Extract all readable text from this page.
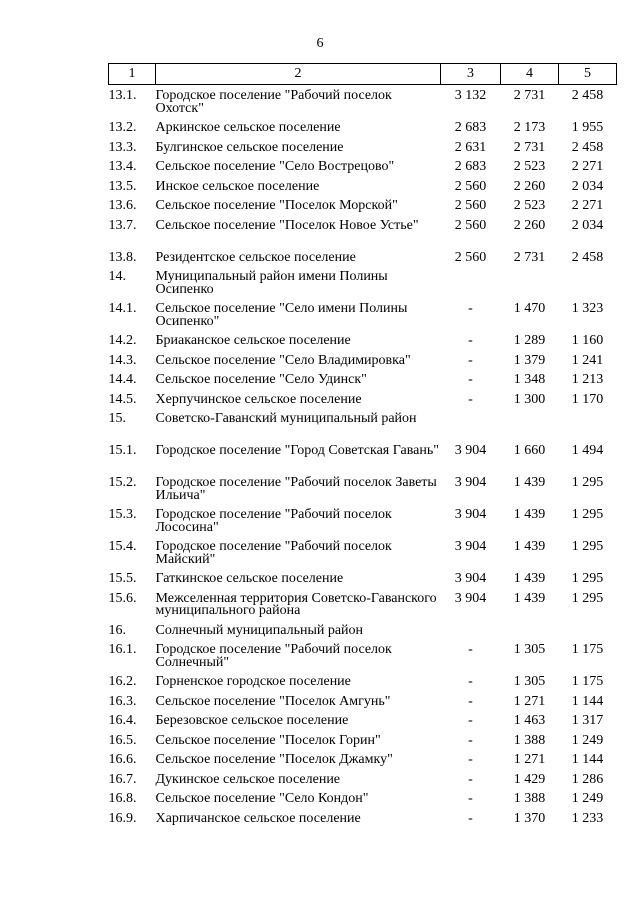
6
1	2	3	4	5
13.1.	Городское поселение "Рабочий поселок Охотск"	3 132	2 731	2 458
13.2.	Аркинское сельское поселение	2 683	2 173	1 955
13.3.	Булгинское сельское поселение	2 631	2 731	2 458
13.4.	Сельское поселение "Село Вострецово"	2 683	2 523	2 271
13.5.	Инское сельское поселение	2 560	2 260	2 034
13.6.	Сельское поселение "Поселок Морской"	2 560	2 523	2 271
13.7.	Сельское поселение "Поселок Новое Устье"	2 560	2 260	2 034
13.8.	Резидентское сельское поселение	2 560	2 731	2 458
14.	Муниципальный район имени Полины Осипенко			
14.1.	Сельское поселение "Село имени Полины Осипенко"	-	1 470	1 323
14.2.	Бриаканское сельское поселение	-	1 289	1 160
14.3.	Сельское поселение "Село Владимировка"	-	1 379	1 241
14.4.	Сельское поселение "Село Удинск"	-	1 348	1 213
14.5.	Херпучинское сельское поселение	-	1 300	1 170
15.	Советско-Гаванский муниципальный район			
15.1.	Городское поселение "Город Советская Гавань"	3 904	1 660	1 494
15.2.	Городское поселение "Рабочий поселок Заветы Ильича"	3 904	1 439	1 295
15.3.	Городское поселение "Рабочий поселок Лососина"	3 904	1 439	1 295
15.4.	Городское поселение "Рабочий поселок Майский"	3 904	1 439	1 295
15.5.	Гаткинское сельское поселение	3 904	1 439	1 295
15.6.	Межселенная территория Советско-Гаванского муниципального района	3 904	1 439	1 295
16.	Солнечный муниципальный район			
16.1.	Городское поселение "Рабочий поселок Солнечный"	-	1 305	1 175
16.2.	Горненское городское поселение	-	1 305	1 175
16.3.	Сельское поселение "Поселок Амгунь"	-	1 271	1 144
16.4.	Березовское сельское поселение	-	1 463	1 317
16.5.	Сельское поселение "Поселок Горин"	-	1 388	1 249
16.6.	Сельское поселение "Поселок Джамку"	-	1 271	1 144
16.7.	Дукинское сельское поселение	-	1 429	1 286
16.8.	Сельское поселение "Село Кондон"	-	1 388	1 249
16.9.	Харпичанское сельское поселение	-	1 370	1 233
